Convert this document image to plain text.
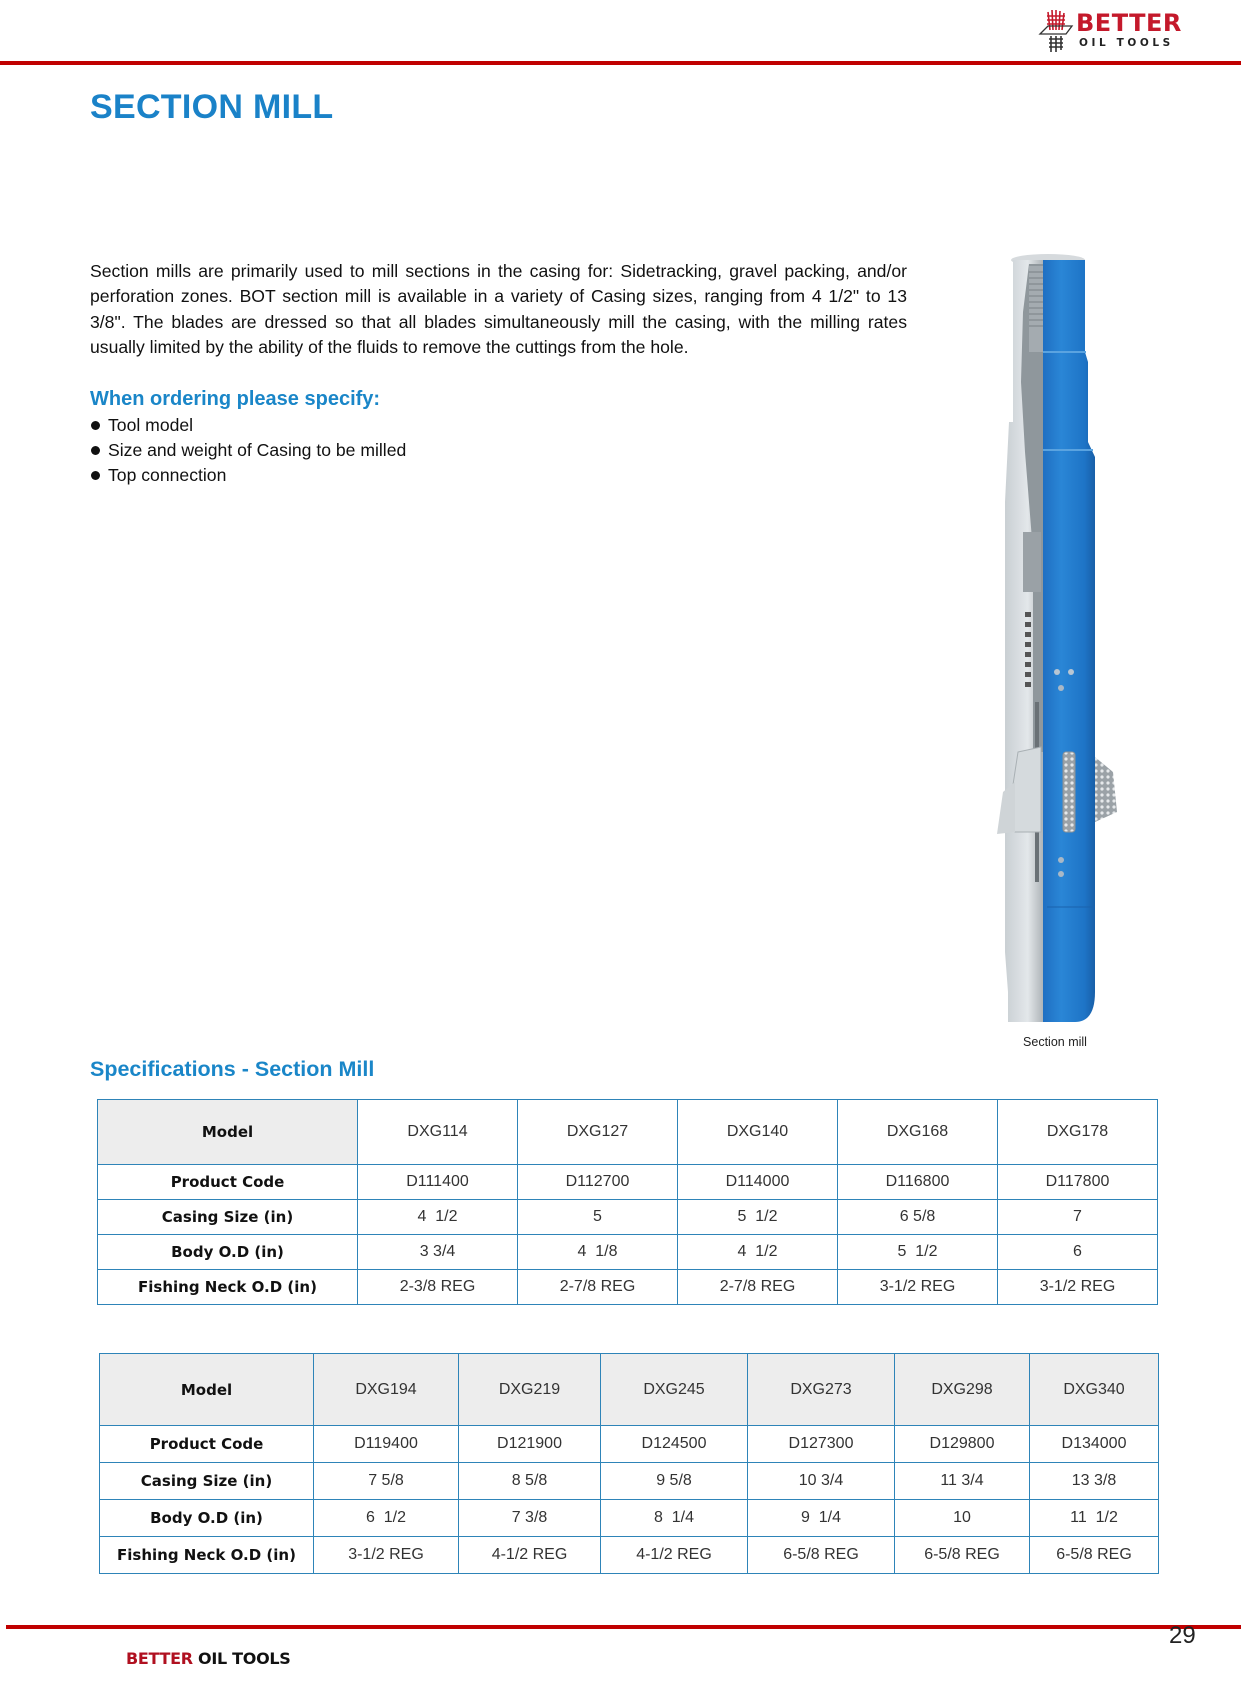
BETTER
OIL TOOLS
SECTION MILL
Section mills are primarily used to mill sections in the casing for: Sidetracking, gravel packing, and/or perforation zones. BOT section mill is available in a variety of Casing sizes, ranging from 4 1/2" to 13 3/8". The blades are dressed so that all blades simultaneously mill the casing, with the milling rates usually limited by the ability of the fluids to remove the cuttings from the hole.
When ordering please specify:
Tool model
Size and weight of Casing to be milled
Top connection
Section mill
Specifications - Section Mill
Model	DXG114	DXG127	DXG140	DXG168	DXG178
Product Code	D111400	D112700	D114000	D116800	D117800
Casing Size (in)	4  1/2	5	5  1/2	6 5/8	7
Body O.D (in)	3 3/4	4  1/8	4  1/2	5  1/2	6
Fishing Neck O.D (in)	2-3/8 REG	2-7/8 REG	2-7/8 REG	3-1/2 REG	3-1/2 REG
Model	DXG194	DXG219	DXG245	DXG273	DXG298	DXG340
Product Code	D119400	D121900	D124500	D127300	D129800	D134000
Casing Size (in)	7 5/8	8 5/8	9 5/8	10 3/4	11 3/4	13 3/8
Body O.D (in)	6  1/2	7 3/8	8  1/4	9  1/4	10	11  1/2
Fishing Neck O.D (in)	3-1/2 REG	4-1/2 REG	4-1/2 REG	6-5/8 REG	6-5/8 REG	6-5/8 REG
29
BETTER OIL TOOLS
